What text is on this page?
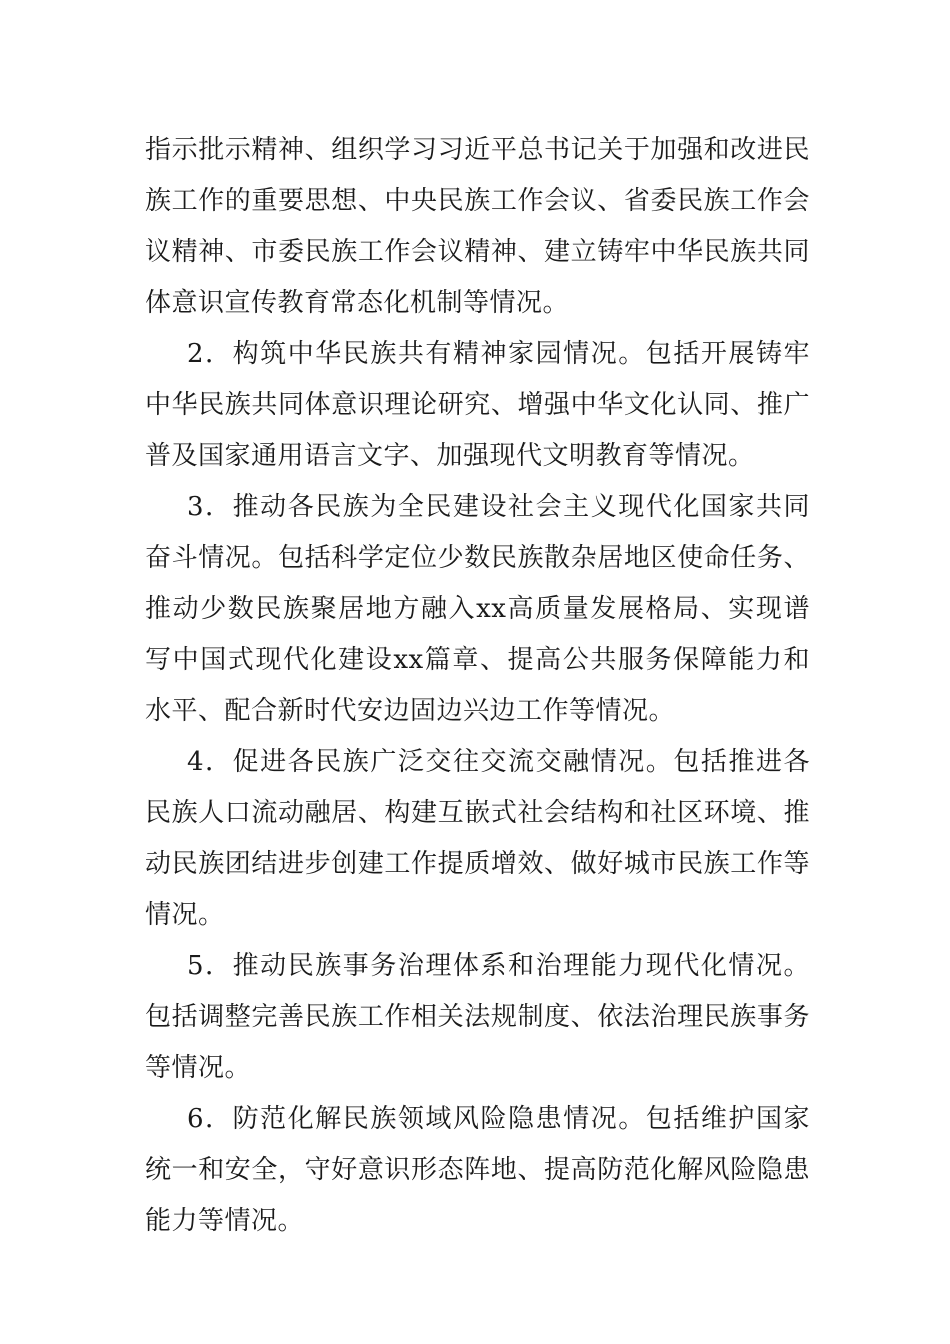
指示批示精神、组织学习习近平总书记关于加强和改进民族工作的重要思想、中央民族工作会议、省委民族工作会议精神、市委民族工作会议精神、建立铸牢中华民族共同体意识宣传教育常态化机制等情况。

2．构筑中华民族共有精神家园情况。包括开展铸牢中华民族共同体意识理论研究、增强中华文化认同、推广普及国家通用语言文字、加强现代文明教育等情况。

3．推动各民族为全民建设社会主义现代化国家共同奋斗情况。包括科学定位少数民族散杂居地区使命任务、推动少数民族聚居地方融入xx高质量发展格局、实现谱写中国式现代化建设xx篇章、提高公共服务保障能力和水平、配合新时代安边固边兴边工作等情况。

4．促进各民族广泛交往交流交融情况。包括推进各民族人口流动融居、构建互嵌式社会结构和社区环境、推动民族团结进步创建工作提质增效、做好城市民族工作等情况。

5．推动民族事务治理体系和治理能力现代化情况。包括调整完善民族工作相关法规制度、依法治理民族事务等情况。

6．防范化解民族领域风险隐患情况。包括维护国家统一和安全，守好意识形态阵地、提高防范化解风险隐患能力等情况。
